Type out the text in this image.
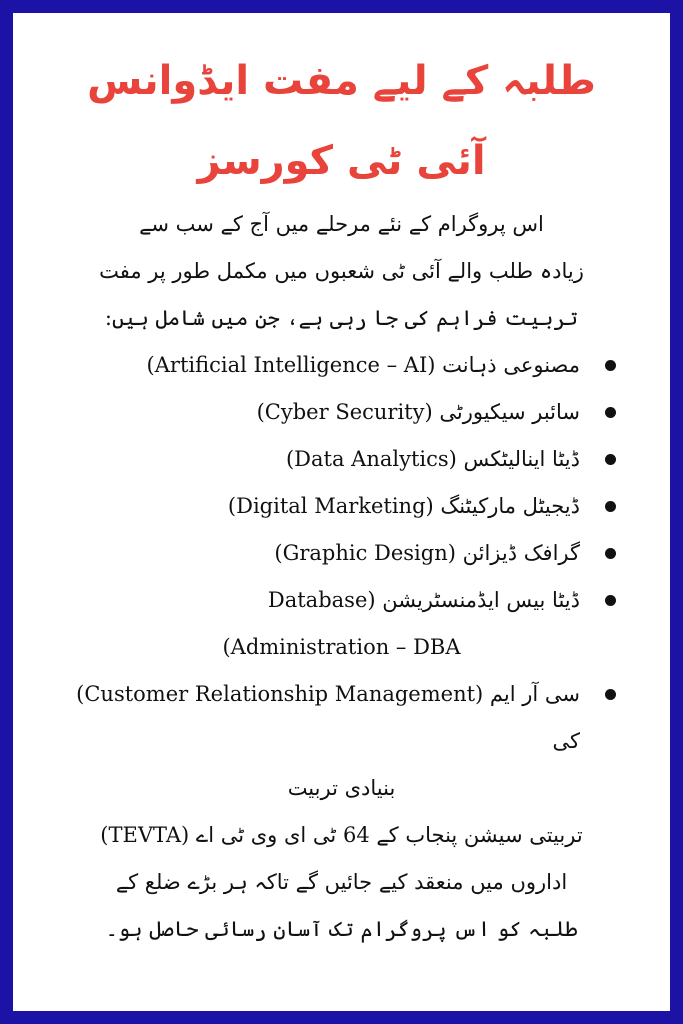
طلبہ کے لیے مفت ایڈوانس
آئی ٹی کورسز
اس پروگرام کے نئے مرحلے میں آج کے سب سے
زیادہ طلب والے آئی ٹی شعبوں میں مکمل طور پر مفت
تربیت فراہم کی جا رہی ہے، جن میں شامل ہیں:
مصنوعی ذہانت (Artificial Intelligence – AI)
سائبر سیکیورٹی (Cyber Security)
ڈیٹا اینالیٹکس (Data Analytics)
ڈیجیٹل مارکیٹنگ (Digital Marketing)
گرافک ڈیزائن (Graphic Design)
ڈیٹا بیس ایڈمنسٹریشن (Database
Administration – DBA)
سی آر ایم (Customer Relationship Management) کی
بنیادی تربیت
تربیتی سیشن پنجاب کے 64 ٹی ای وی ٹی اے (TEVTA)
اداروں میں منعقد کیے جائیں گے تاکہ ہر بڑے ضلع کے
طلبہ کو اس پروگرام تک آسان رسائی حاصل ہو۔
